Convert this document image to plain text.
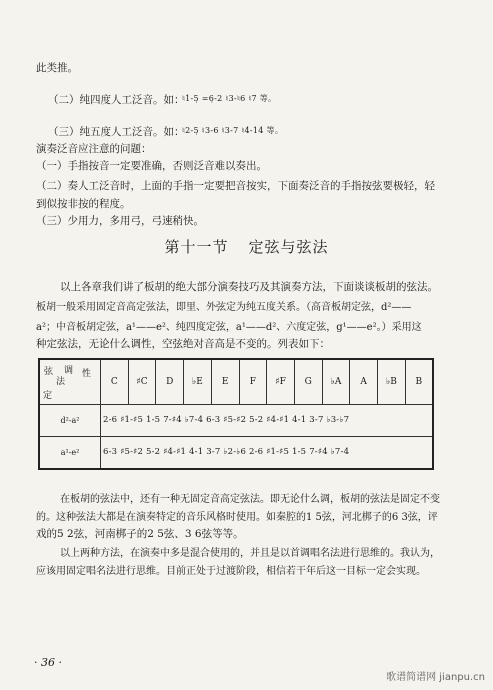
此类推。
（二）纯四度人工泛音。如：
♮1-5̣ =6̣-2 ♮3-♮6 ♮7 等。
（三）纯五度人工泛音。如：
♮2-5̣ ♮3-6 ♮3-7 ♮4-14 等。
演奏泛音应注意的问题：
（一）手指按音一定要准确，否则泛音难以奏出。
（二）奏人工泛音时，上面的手指一定要把音按实，下面奏泛音的手指按弦要极轻，轻
到似按非按的程度。
（三）少用力，多用弓，弓速稍快。
第十一节 定弦与弦法
以上各章我们讲了板胡的绝大部分演奏技巧及其演奏方法，下面谈谈板胡的弦法。
板胡一般采用固定音高定弦法，即里、外弦定为纯五度关系。（高音板胡定弦，d²——
a²；中音板胡定弦，a¹——e²、纯四度定弦，a¹——d²、六度定弦，g¹——e²。）采用这
种定弦法，无论什么调性，空弦绝对音高是不变的。列表如下：
弦 调 性
法
定	C	♯C	D	♭E	E	F	♯F	G	♭A	A	♭B	B
d²-a²	2-6 ♯1-♯5 1-5 7-♯4 ♭7-4 6-3 ♯5-♯2 5-2 ♯4-♯1 4-1 3-7 ♭3-♭7											
a¹-e²	6-3 ♯5-♯2 5-2 ♯4-♯1 4-1 3-7 ♭2-♭6 2-6 ♯1-♯5 1-5 7-♯4 ♭7-4											
在板胡的弦法中，还有一种无固定音高定弦法。即无论什么调，板胡的弦法是固定不变
的。这种弦法大都是在演奏特定的音乐风格时使用。如秦腔的1 5弦，河北梆子的6 3弦，评
戏的5 2弦，河南梆子的2 5弦、3 6弦等等。
以上两种方法，在演奏中多是混合使用的，并且是以首调唱名法进行思维的。我认为，
应该用固定唱名法进行思维。目前正处于过渡阶段，相信若干年后这一目标一定会实现。
· 36 ·
歌谱简谱网 jianpu.cn
